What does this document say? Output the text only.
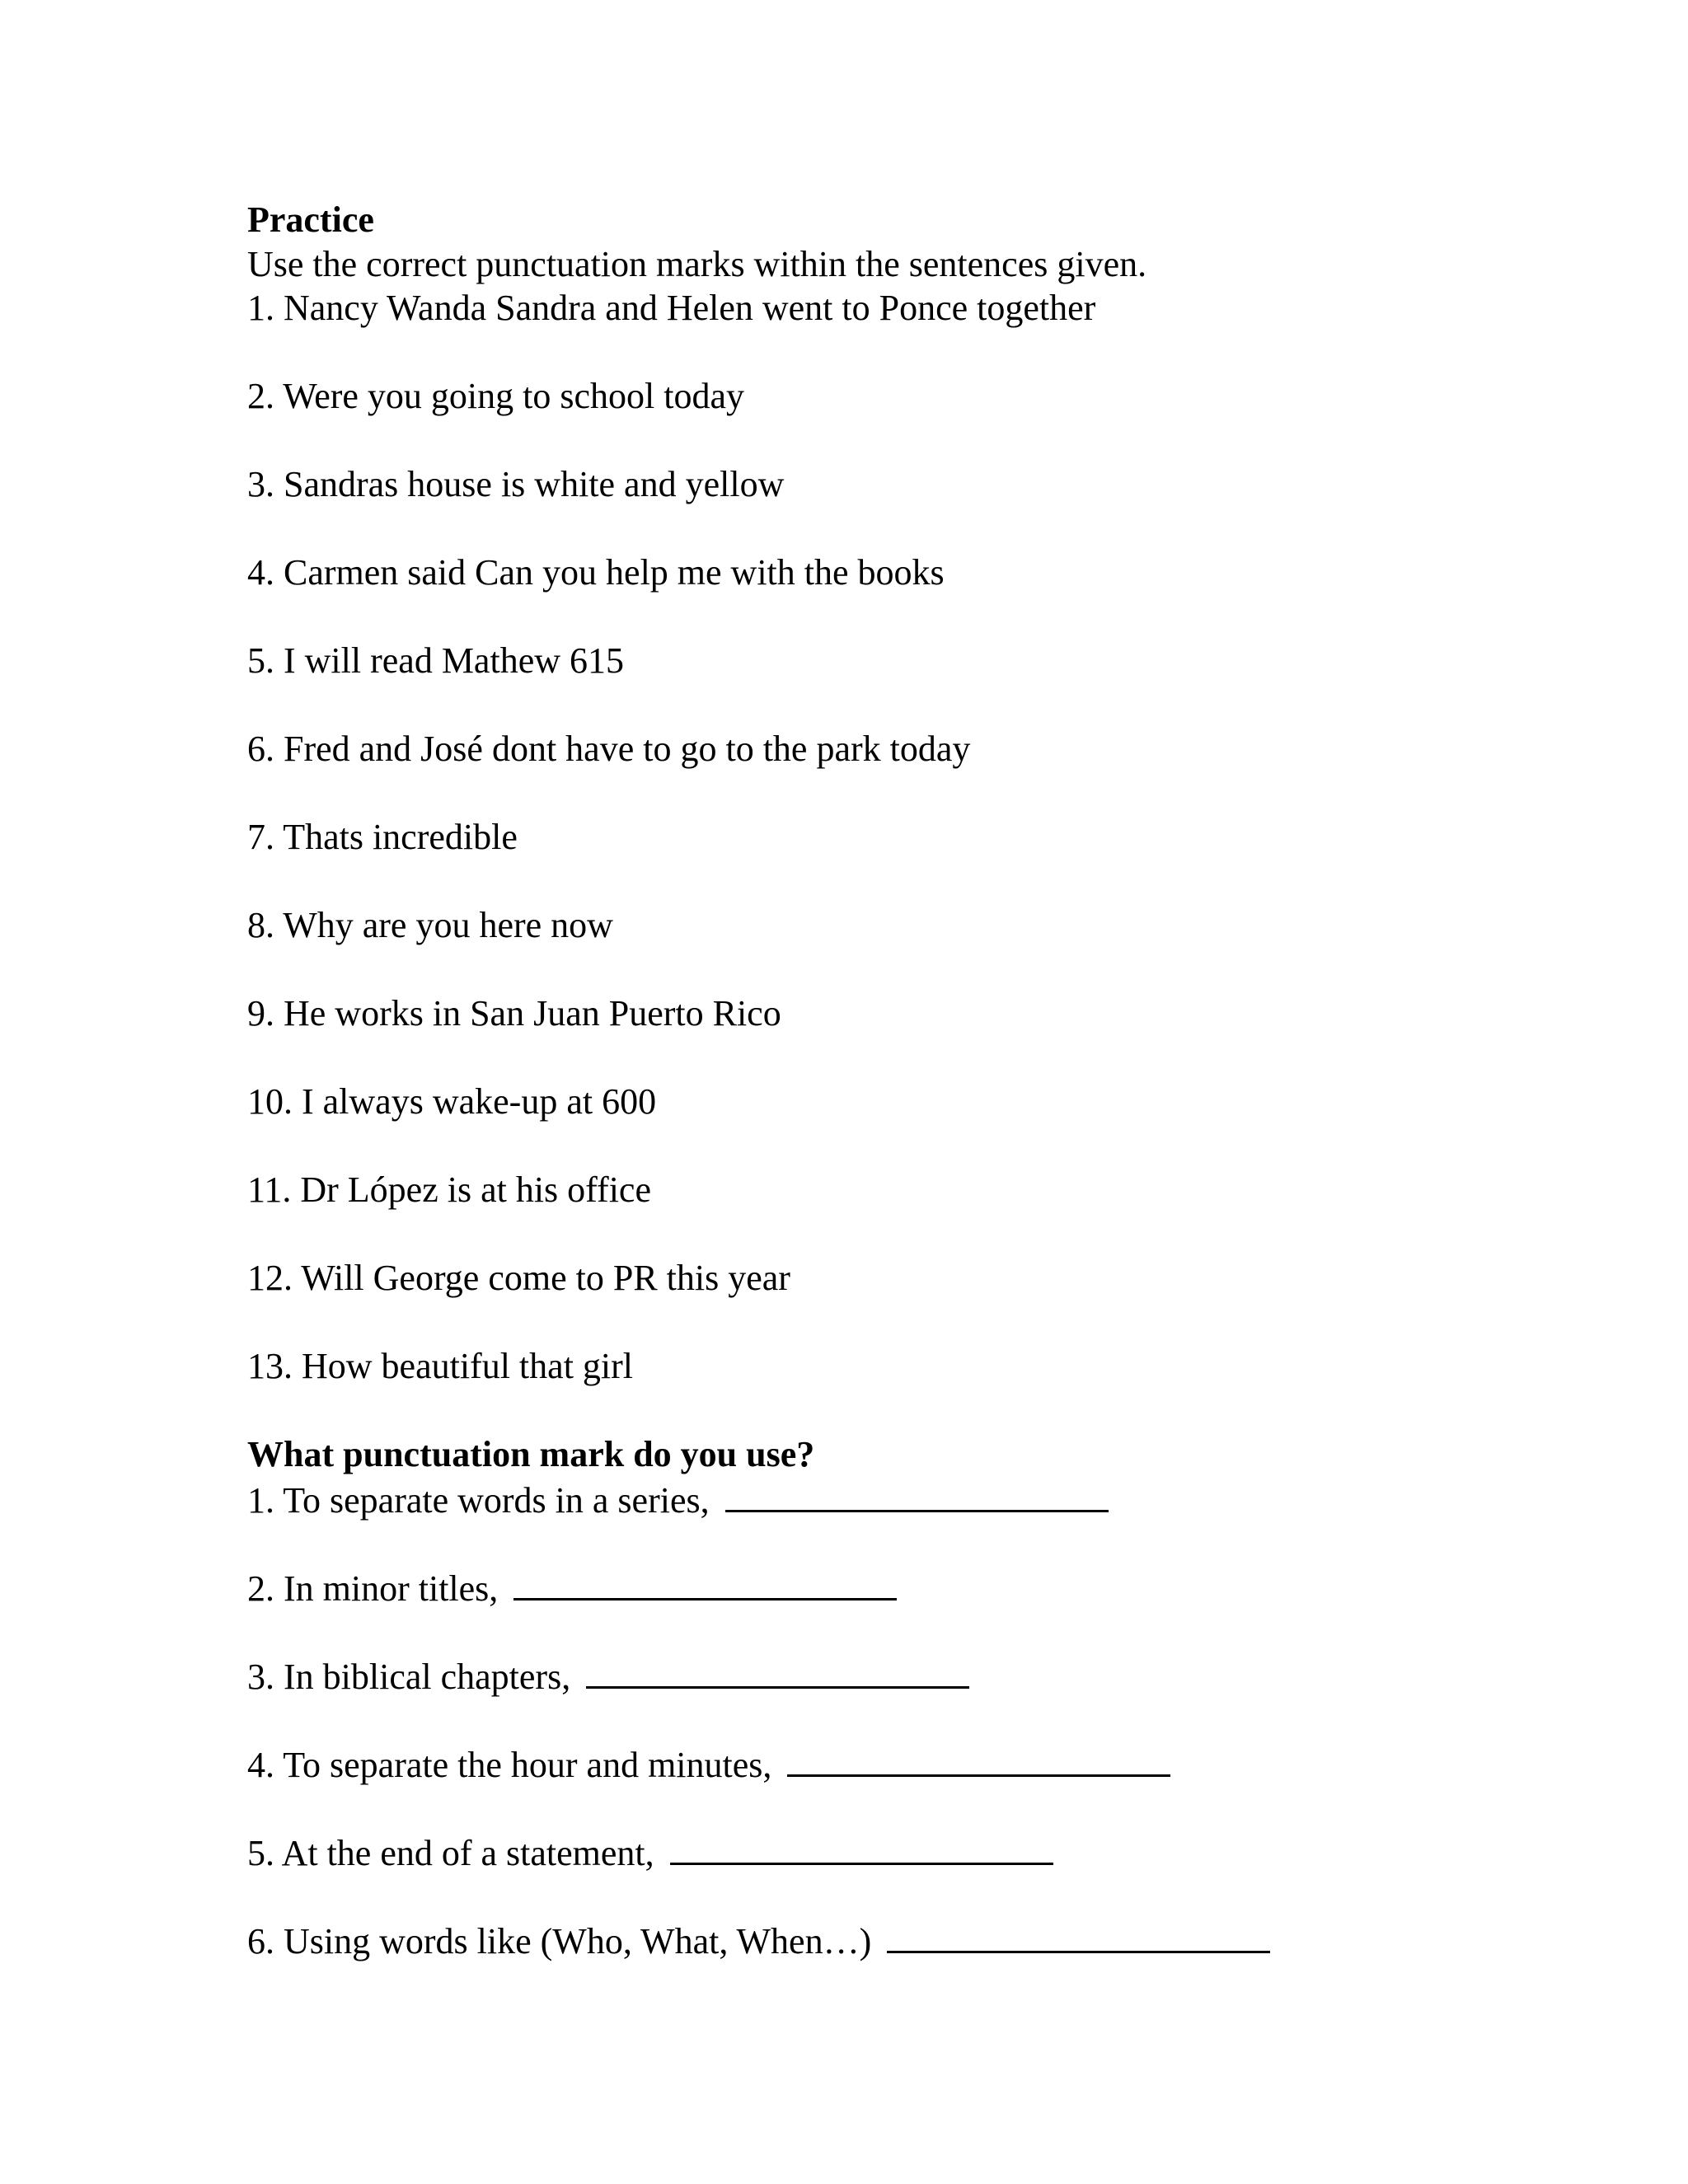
Practice

Use the correct punctuation marks within the sentences given.

1. Nancy Wanda Sandra and Helen went to Ponce together

2. Were you going to school today

3. Sandras house is white and yellow

4. Carmen said Can you help me with the books

5. I will read Mathew 615

6. Fred and José dont have to go to the park today

7. Thats incredible

8. Why are you here now

9. He works in San Juan Puerto Rico

10. I always wake-up at 600

11. Dr López is at his office

12. Will George come to PR this year

13. How beautiful that girl

What punctuation mark do you use?

1. To separate words in a series,

2. In minor titles,

3. In biblical chapters,

4. To separate the hour and minutes,

5. At the end of a statement,

6. Using words like (Who, What, When…)
